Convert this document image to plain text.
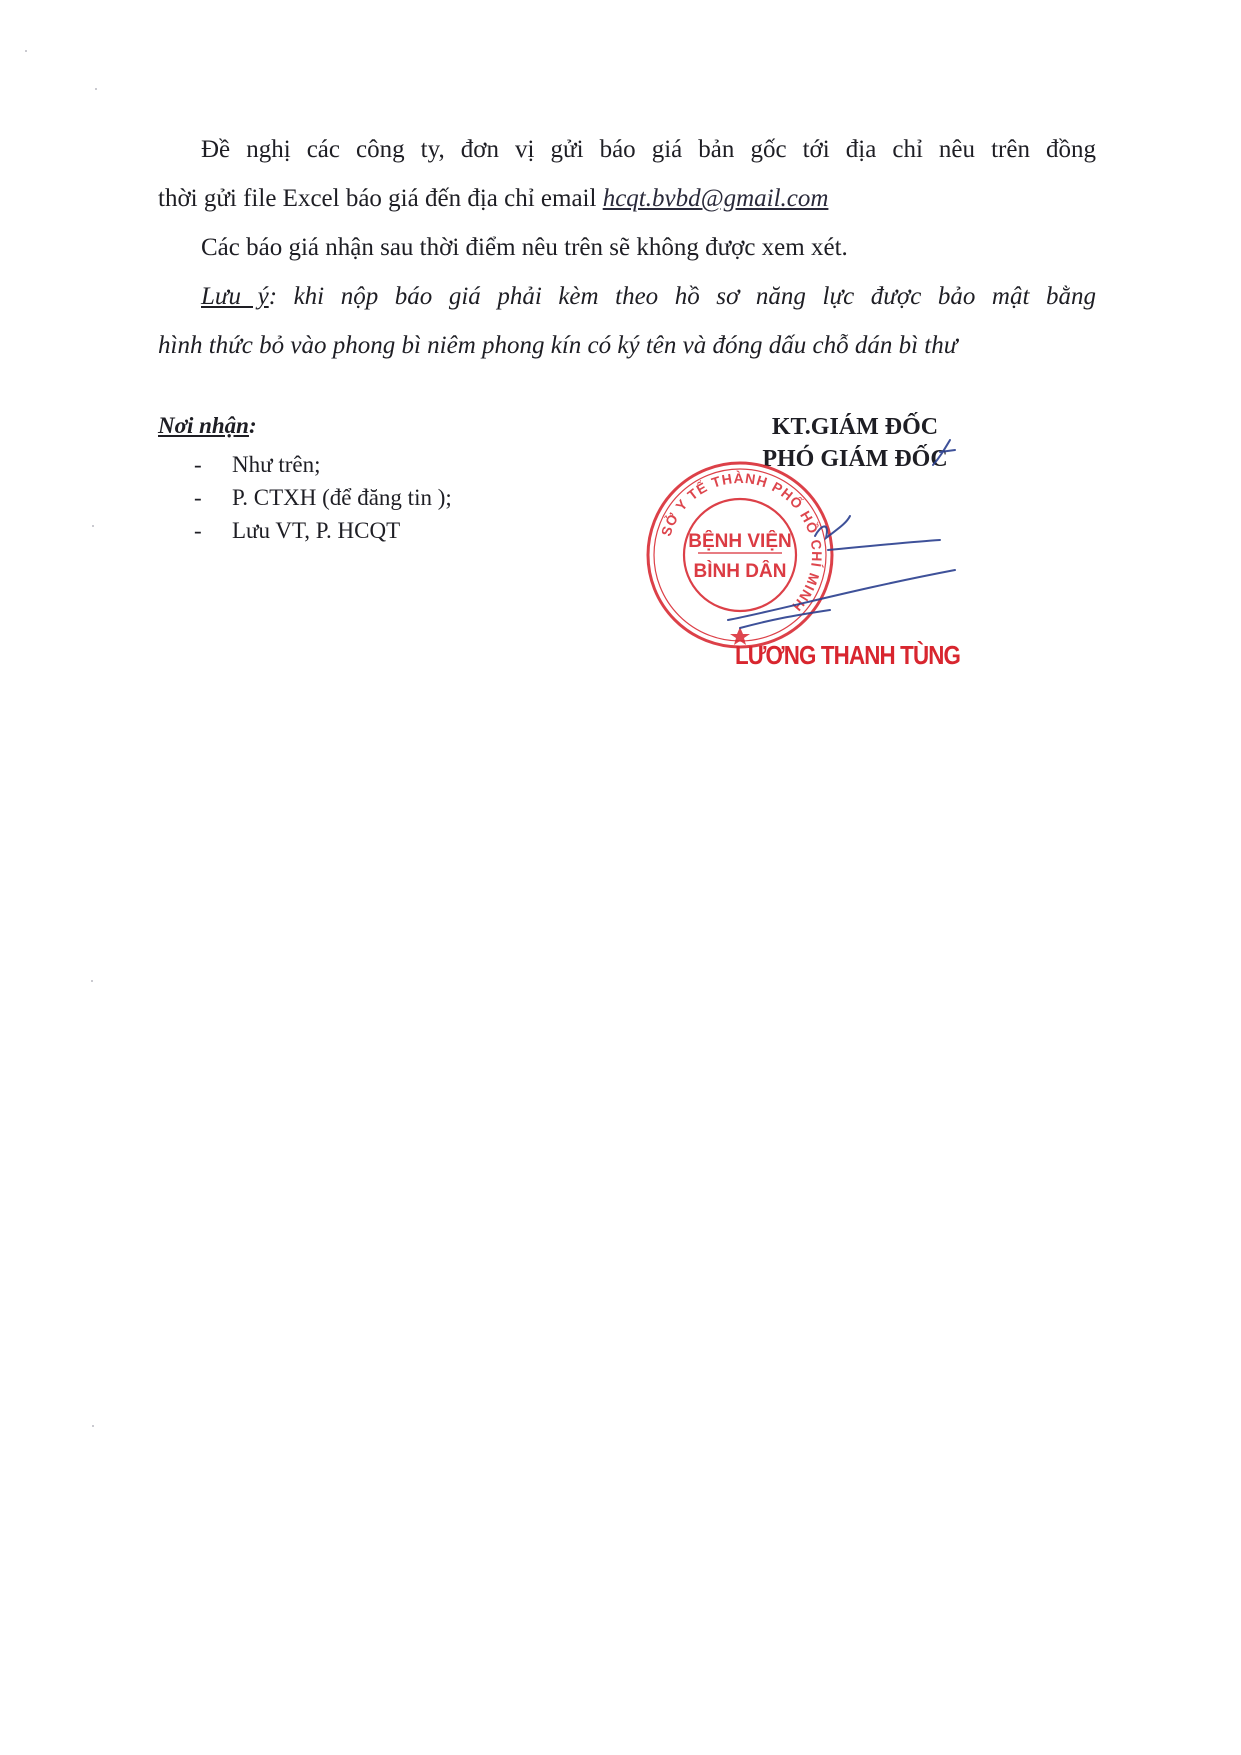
Đề nghị các công ty, đơn vị gửi báo giá bản gốc tới địa chỉ nêu trên đồng

thời gửi file Excel báo giá đến địa chỉ email hcqt.bvbd@gmail.com

Các báo giá nhận sau thời điểm nêu trên sẽ không được xem xét.

Lưu ý: khi nộp báo giá phải kèm theo hồ sơ năng lực được bảo mật bằng

hình thức bỏ vào phong bì niêm phong kín có ký tên và đóng dấu chỗ dán bì thư

Nơi nhận:

- Như trên;
- P. CTXH (để đăng tin );
- Lưu VT, P. HCQT

KT.GIÁM ĐỐC

PHÓ GIÁM ĐỐC

SỞ Y TẾ THÀNH PHỐ HỒ CHÍ MINH
BỆNH VIỆN
BÌNH DÂN

LƯƠNG THANH TÙNG
